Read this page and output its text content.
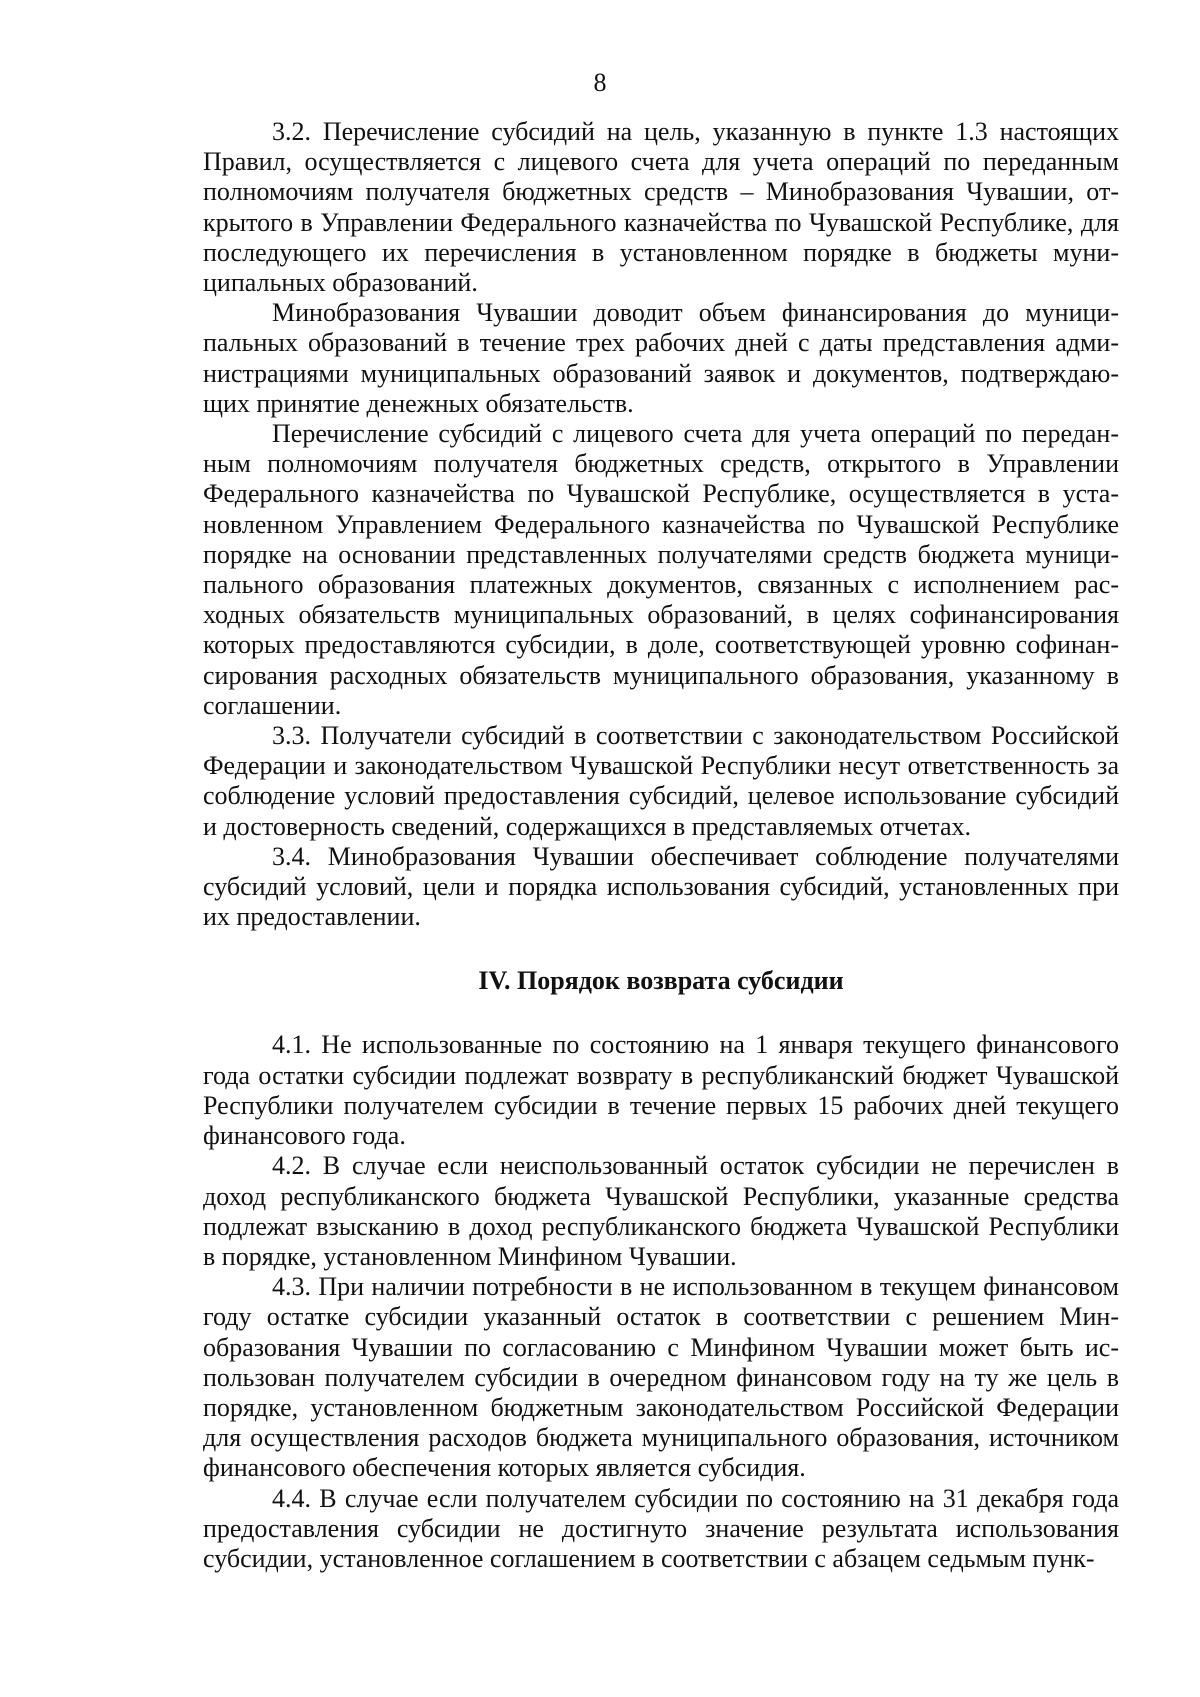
8

3.2. Перечисление субсидий на цель, указанную в пункте 1.3 настоящих Правил, осуществляется с лицевого счета для учета операций по переданным полномочиям получателя бюджетных средств – Минобразования Чувашии, открытого в Управлении Федерального казначейства по Чувашской Республике, для последующего их перечисления в установленном порядке в бюджеты муниципальных образований.

Минобразования Чувашии доводит объем финансирования до муниципальных образований в течение трех рабочих дней с даты представления администрациями муниципальных образований заявок и документов, подтверждающих принятие денежных обязательств.

Перечисление субсидий с лицевого счета для учета операций по переданным полномочиям получателя бюджетных средств, открытого в Управлении Федерального казначейства по Чувашской Республике, осуществляется в установленном Управлением Федерального казначейства по Чувашской Республике порядке на основании представленных получателями средств бюджета муниципального образования платежных документов, связанных с исполнением расходных обязательств муниципальных образований, в целях софинансирования которых предоставляются субсидии, в доле, соответствующей уровню софинансирования расходных обязательств муниципального образования, указанному в соглашении.

3.3. Получатели субсидий в соответствии с законодательством Российской Федерации и законодательством Чувашской Республики несут ответственность за соблюдение условий предоставления субсидий, целевое использование субсидий и достоверность сведений, содержащихся в представляемых отчетах.

3.4. Минобразования Чувашии обеспечивает соблюдение получателями субсидий условий, цели и порядка использования субсидий, установленных при их предоставлении.

IV. Порядок возврата субсидии

4.1. Не использованные по состоянию на 1 января текущего финансового года остатки субсидии подлежат возврату в республиканский бюджет Чувашской Республики получателем субсидии в течение первых 15 рабочих дней текущего финансового года.

4.2. В случае если неиспользованный остаток субсидии не перечислен в доход республиканского бюджета Чувашской Республики, указанные средства подлежат взысканию в доход республиканского бюджета Чувашской Республики в порядке, установленном Минфином Чувашии.

4.3. При наличии потребности в не использованном в текущем финансовом году остатке субсидии указанный остаток в соответствии с решением Минобразования Чувашии по согласованию с Минфином Чувашии может быть использован получателем субсидии в очередном финансовом году на ту же цель в порядке, установленном бюджетным законодательством Российской Федерации для осуществления расходов бюджета муниципального образования, источником финансового обеспечения которых является субсидия.

4.4. В случае если получателем субсидии по состоянию на 31 декабря года предоставления субсидии не достигнуто значение результата использования субсидии, установленное соглашением в соответствии с абзацем седьмым пунк-
